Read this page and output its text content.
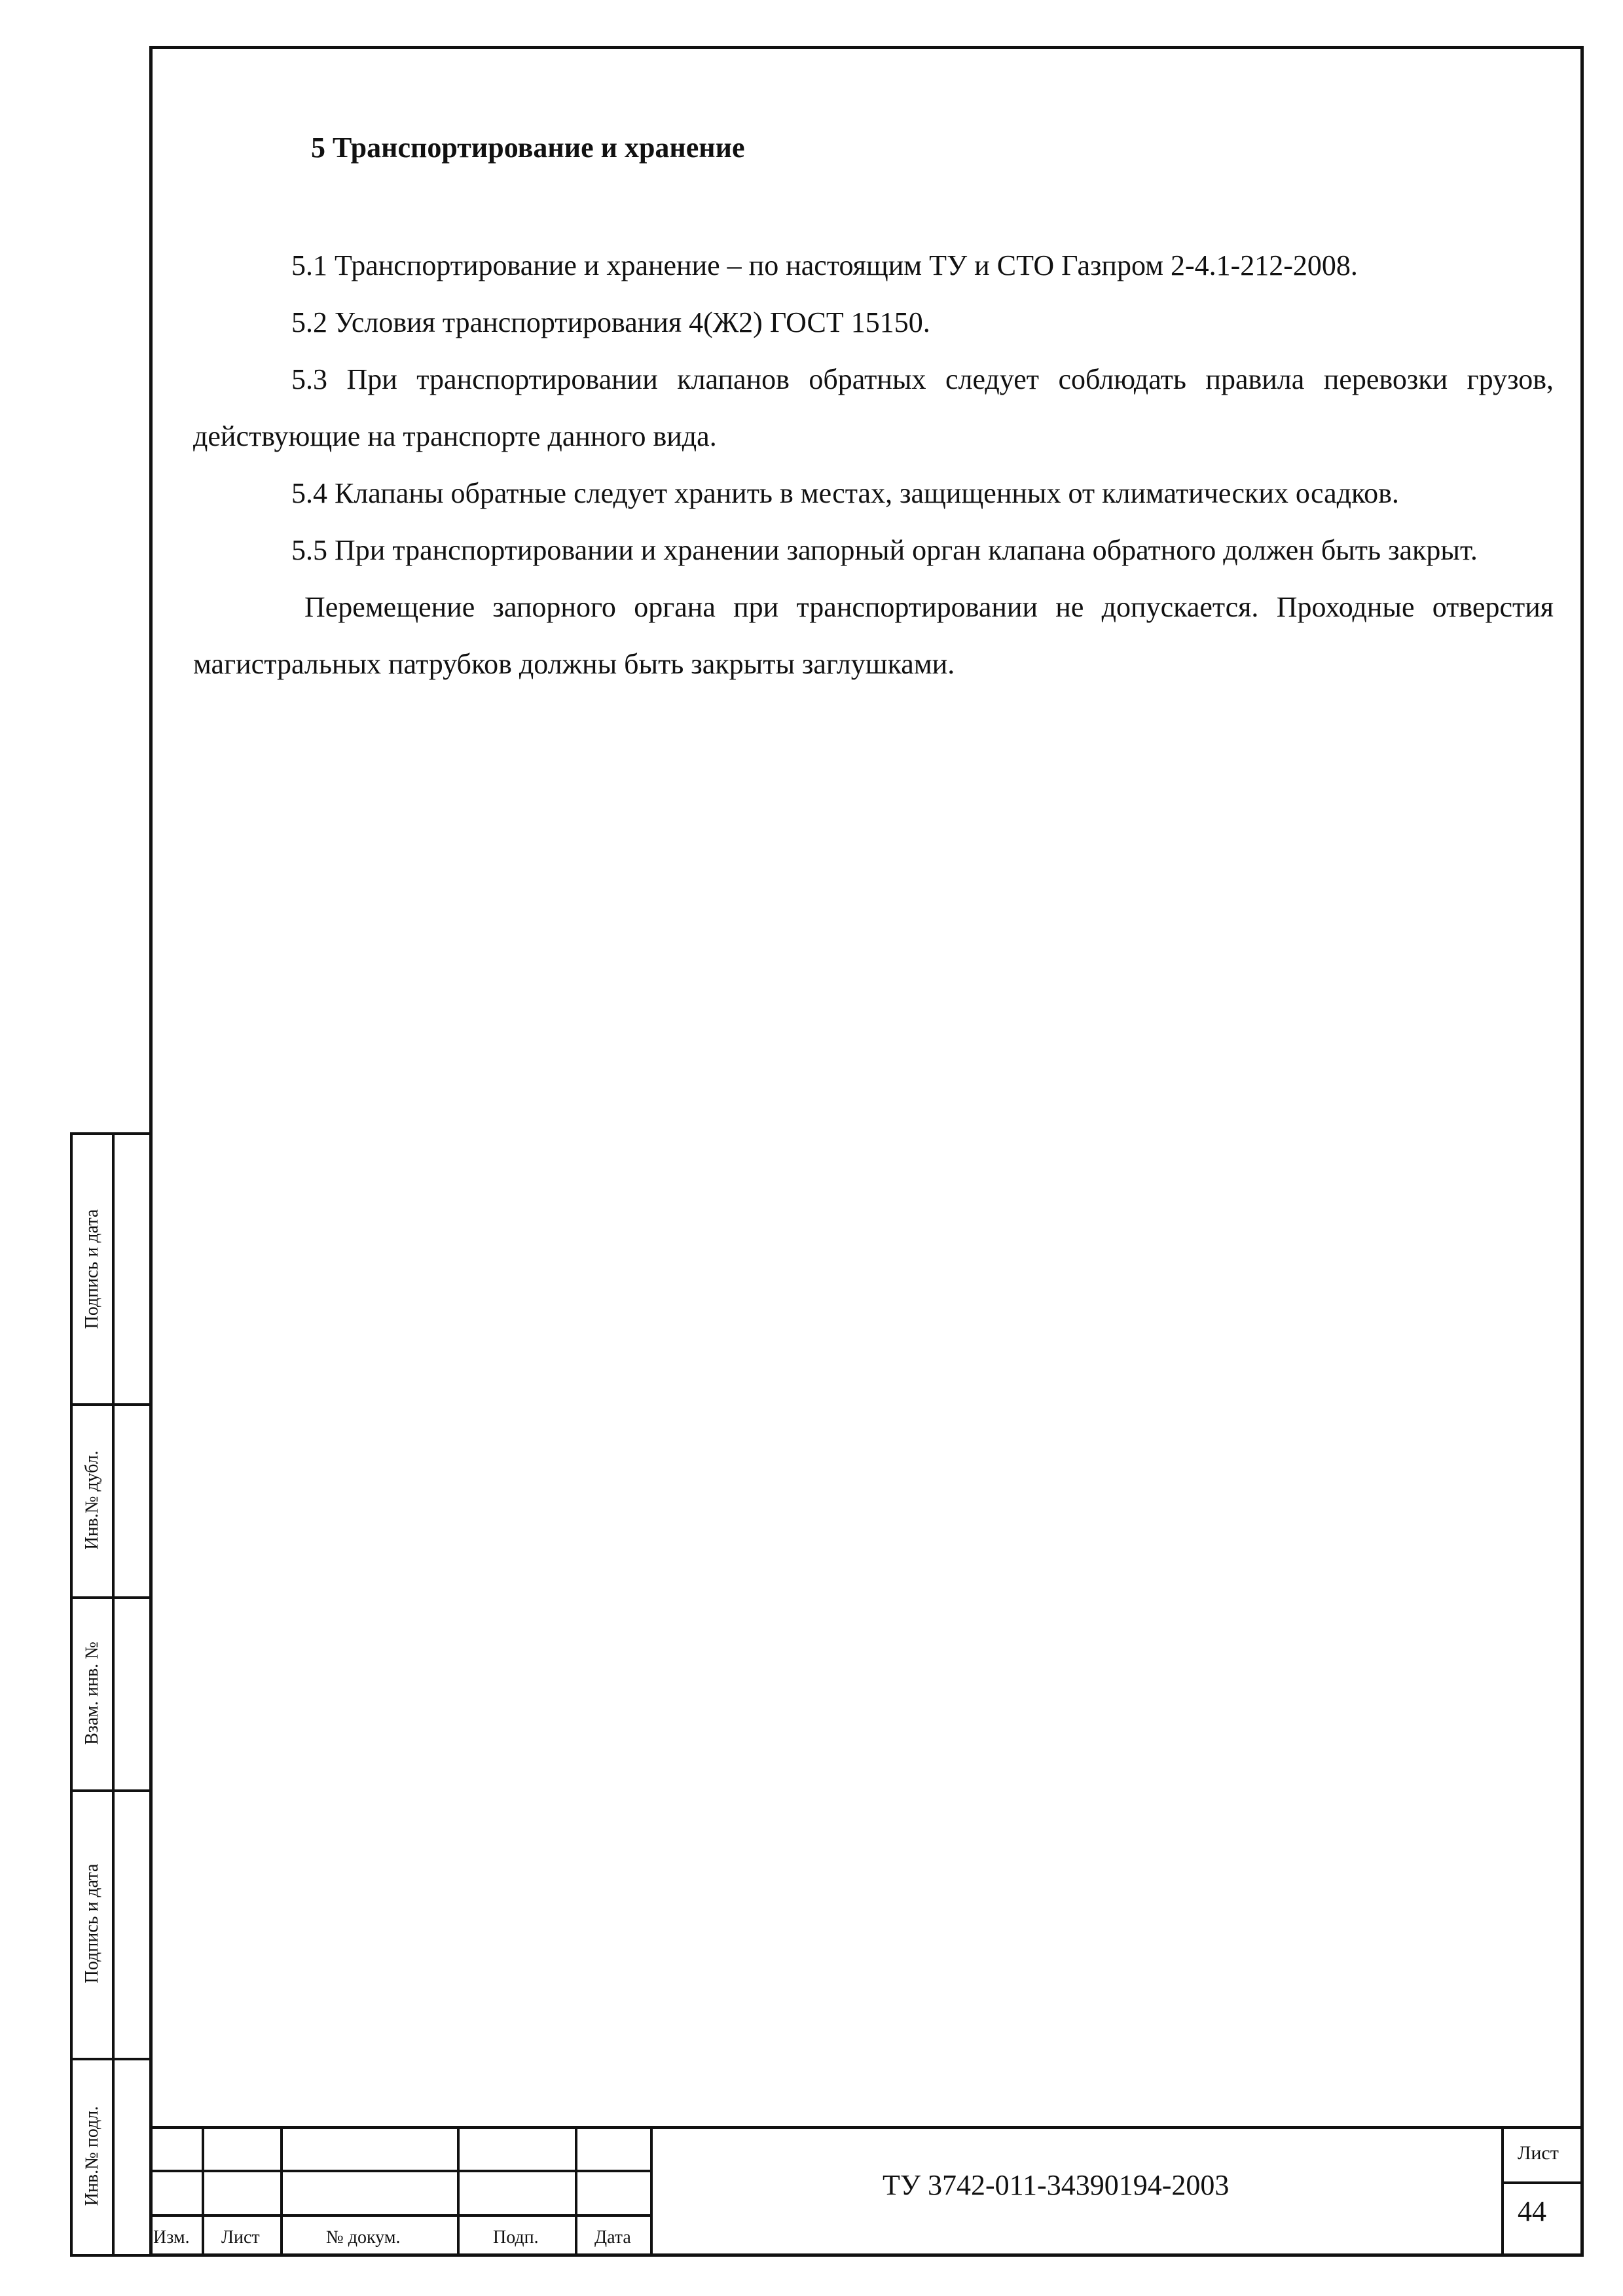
5 Транспортирование и хранение

5.1 Транспортирование и хранение – по настоящим ТУ и СТО Газпром 2-4.1-212-2008.

5.2 Условия транспортирования 4(Ж2) ГОСТ 15150.

5.3 При транспортировании клапанов обратных следует соблюдать правила перевозки грузов, действующие на транспорте данного вида.

5.4 Клапаны обратные следует хранить в местах, защищенных от климатических осадков.

5.5 При транспортировании и хранении запорный орган клапана обратного должен быть закрыт.

Перемещение запорного органа при транспортировании не допускается. Проходные отверстия магистральных патрубков должны быть закрыты заглушками.

Подпись и дата
Инв.№ дубл.
Взам. инв. №
Подпись и дата
Инв.№ подл.
Изм. Лист	№ докум.	Подп.	Дата
ТУ 3742-011-34390194-2003
Лист
44
